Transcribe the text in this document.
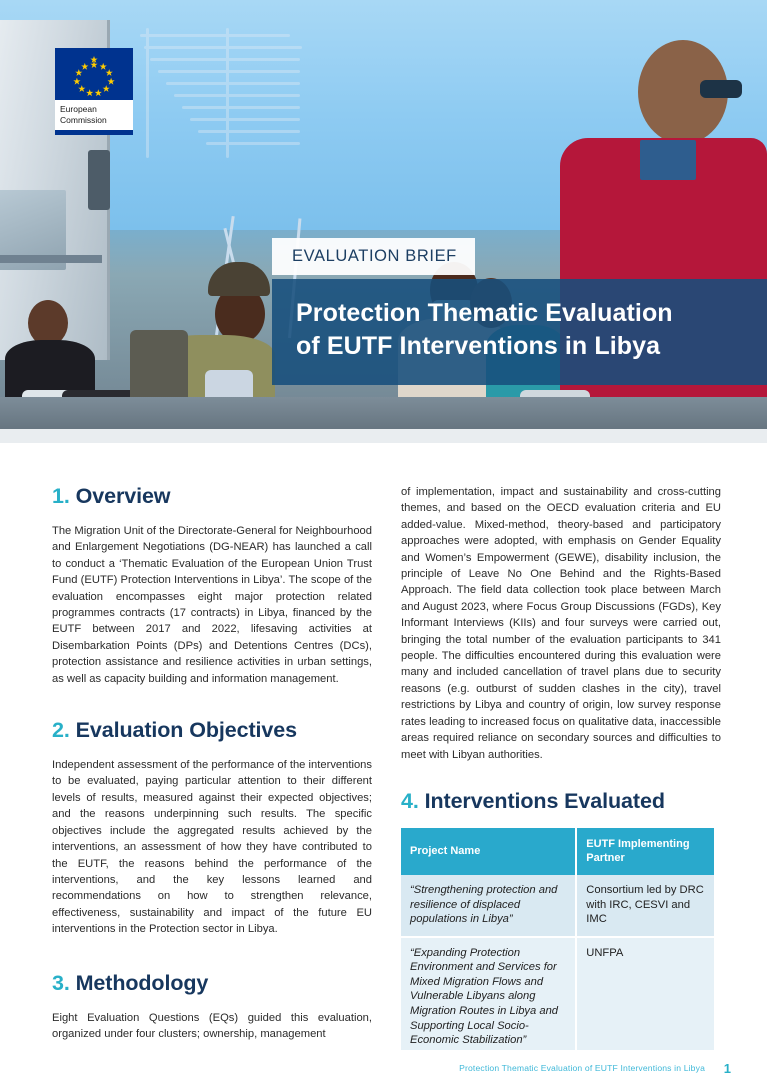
European
Commission
EVALUATION BRIEF
Protection Thematic Evaluation
of EUTF Interventions in Libya
1. Overview

The Migration Unit of the Directorate-General for Neighbourhood and Enlargement Negotiations (DG-NEAR) has launched a call to conduct a ‘Thematic Evaluation of the European Union Trust Fund (EUTF) Protection Interventions in Libya’. The scope of the evaluation encompasses eight major protection related programmes contracts (17 contracts) in Libya, financed by the EUTF between 2017 and 2022, lifesaving activities at Disembarkation Points (DPs) and Detentions Centres (DCs), protection assistance and resilience activities in urban settings, as well as capacity building and information management.

2. Evaluation Objectives

Independent assessment of the performance of the interventions to be evaluated, paying particular attention to their different levels of results, measured against their expected objectives; and the reasons underpinning such results. The specific objectives include the aggregated results achieved by the interventions, an assessment of how they have contributed to the EUTF, the reasons behind the performance of the interventions, and the key lessons learned and recommendations on how to strengthen relevance, effectiveness, sustainability and impact of the future EU interventions in the Protection sector in Libya.

3. Methodology

Eight Evaluation Questions (EQs) guided this evaluation, organized under four clusters; ownership, management

of implementation, impact and sustainability and cross-cutting themes, and based on the OECD evaluation criteria and EU added-value. Mixed-method, theory-based and participatory approaches were adopted, with emphasis on Gender Equality and Women’s Empowerment (GEWE), disability inclusion, the principle of Leave No One Behind and the Rights-Based Approach. The field data collection took place between March and August 2023, where Focus Group Discussions (FGDs), Key Informant Interviews (KIIs) and four surveys were carried out, bringing the total number of the evaluation participants to 341 people. The difficulties encountered during this evaluation were many and included cancellation of travel plans due to security reasons (e.g. outburst of sudden clashes in the city), travel restrictions by Libya and country of origin, low survey response rates leading to increased focus on qualitative data, inaccessible areas required reliance on secondary sources and difficulties to meet with Libyan authorities.

4. Interventions Evaluated
Project Name	EUTF Implementing Partner
“Strengthening protection and resilience of displaced populations in Libya”	Consortium led by DRC with IRC, CESVI and IMC
“Expanding Protection Environment and Services for Mixed Migration Flows and Vulnerable Libyans along Migration Routes in Libya and Supporting Local Socio-Economic Stabilization”	UNFPA
Protection Thematic Evaluation of EUTF Interventions in Libya 1
